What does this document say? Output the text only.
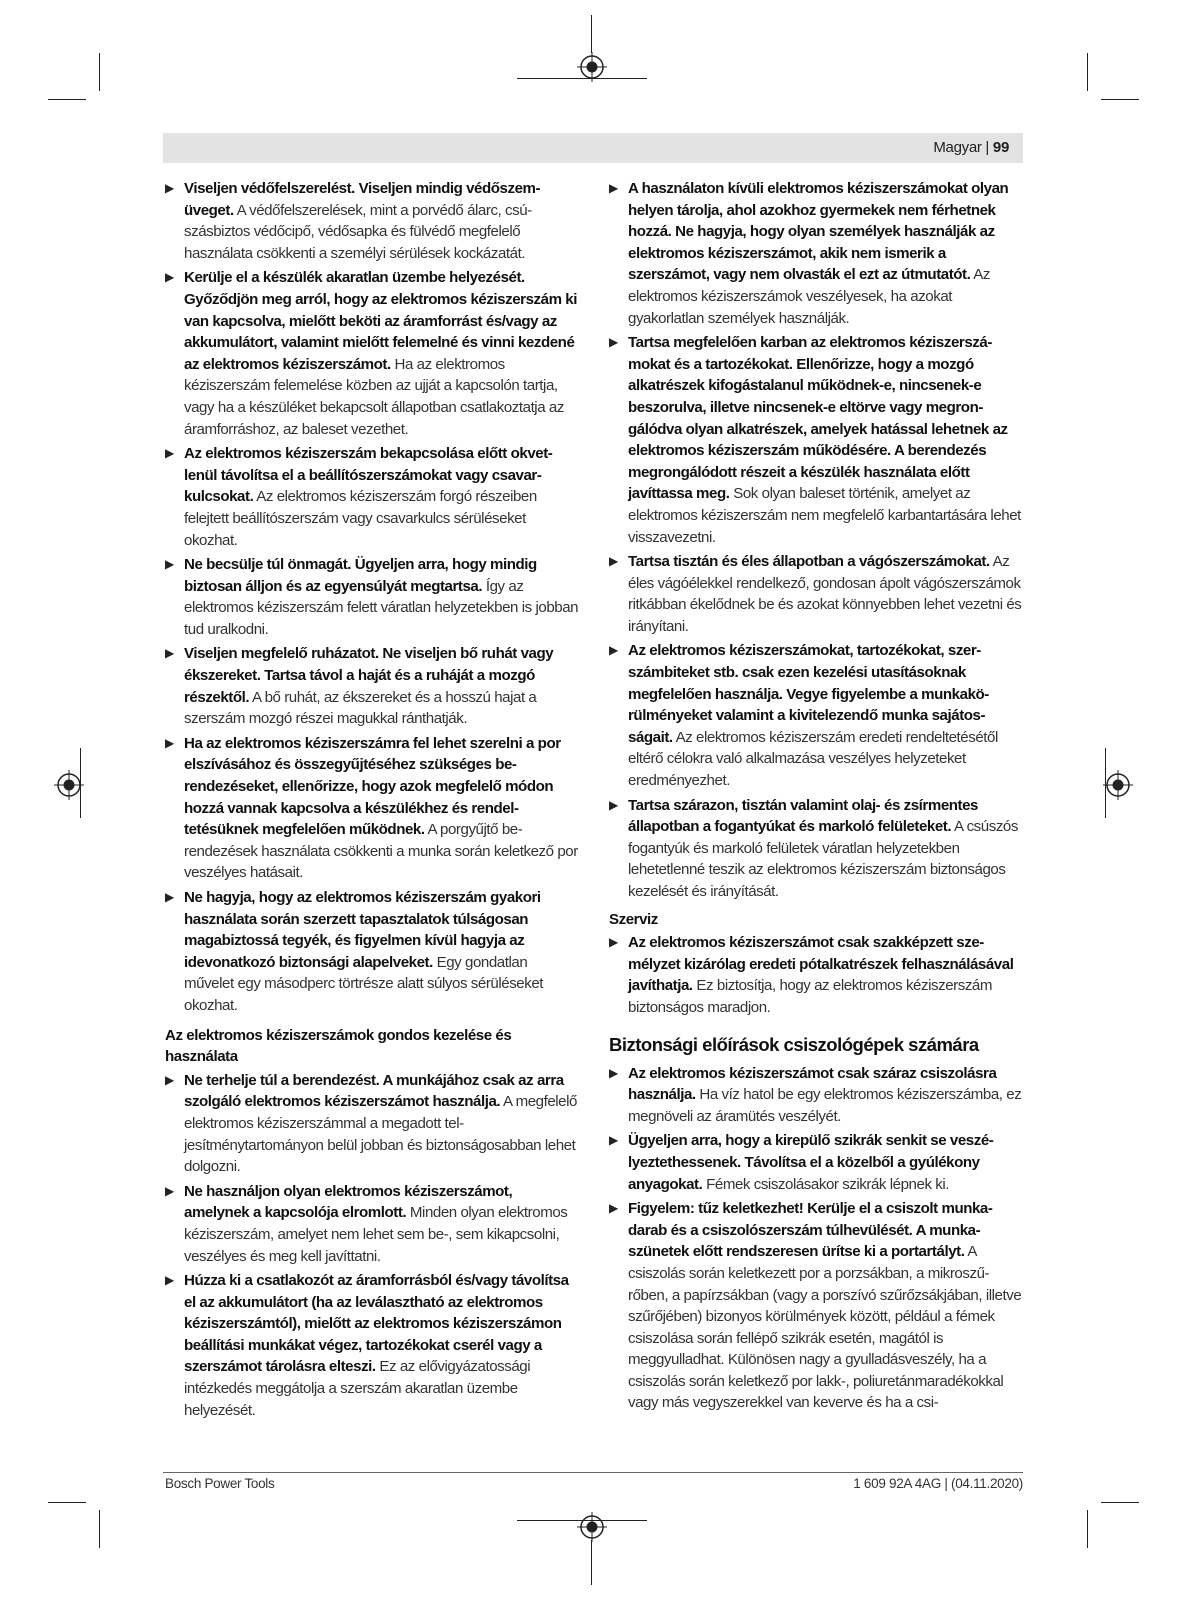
Magyar | 99
▶ Viseljen védőfelszerelést. Viseljen mindig védőszemüveget. A védőfelszerelések, mint a porvédő álarc, csúszásbiztos védőcipő, védősapka és fülvédő megfelelő használata csökkenti a személyi sérülések kockázatát.
▶ Kerülje el a készülék akaratlan üzembe helyezését. Győződjön meg arról, hogy az elektromos kéziszerszám ki van kapcsolva, mielőtt beköti az áramforrást és/vagy az akkumulátort, valamint mielőtt felemelné és vinni kezdené az elektromos kéziszerszámot. Ha az elektromos kéziszerszám felemelése közben az ujját a kapcsolón tartja, vagy ha a készüléket bekapcsolt állapotban csatlakoztatja az áramforráshoz, az baleset vezethet.
▶ Az elektromos kéziszerszám bekapcsolása előtt okvetlenül távolítsa el a beállítószerszámokat vagy csavarkulcsokat. Az elektromos kéziszerszám forgó részeiben felejtett beállítószerszám vagy csavarkulcs sérüléseket okozhat.
▶ Ne becsülje túl önmagát. Ügyeljen arra, hogy mindig biztosan álljon és az egyensúlyát megtartsa. Így az elektromos kéziszerszám felett váratlan helyzetekben is jobban tud uralkodni.
▶ Viseljen megfelelő ruházatot. Ne viseljen bő ruhát vagy ékszereket. Tartsa távol a haját és a ruháját a mozgó részektől. A bő ruhát, az ékszereket és a hosszú hajat a szerszám mozgó részei magukkal ránthatják.
▶ Ha az elektromos kéziszerszámra fel lehet szerelni a por elszívásához és összegyűjtéséhez szükséges berendezéseket, ellenőrizze, hogy azok megfelelő módon hozzá vannak kapcsolva a készülékhez és rendeltetésüknek megfelelően működnek. A porgyűjtő berendezések használata csökkenti a munka során keletkező por veszélyes hatásait.
▶ Ne hagyja, hogy az elektromos kéziszerszám gyakori használata során szerzett tapasztalatok túlságosan magabiztossá tegyék, és figyelmen kívül hagyja az idevonatkozó biztonsági alapelveket. Egy gondatlan művelet egy másodperc törtrésze alatt súlyos sérüléseket okozhat.
Az elektromos kéziszerszámok gondos kezelése és használata
▶ Ne terhelje túl a berendezést. A munkájához csak az arra szolgáló elektromos kéziszerszámot használja. A megfelelő elektromos kéziszerszámmal a megadott teljesítménytartományon belül jobban és biztonságosabban lehet dolgozni.
▶ Ne használjon olyan elektromos kéziszerszámot, amelynek a kapcsolója elromlott. Minden olyan elektromos kéziszerszám, amelyet nem lehet sem be-, sem kikapcsolni, veszélyes és meg kell javíttatni.
▶ Húzza ki a csatlakozót az áramforrásból és/vagy távolítsa el az akkumulátort (ha az leválasztható az elektromos kéziszerszámtól), mielőtt az elektromos kéziszerszámon beállítási munkákat végez, tartozékokat cserél vagy a szerszámot tárolásra elteszi. Ez az elővigyázatossági intézkedés meggátolja a szerszám akaratlan üzembe helyezését.
▶ A használaton kívüli elektromos kéziszerszámokat olyan helyen tárolja, ahol azokhoz gyermekek nem férhetnek hozzá. Ne hagyja, hogy olyan személyek használják az elektromos kéziszerszámot, akik nem ismerik a szerszámot, vagy nem olvasták el ezt az útmutatót. Az elektromos kéziszerszámok veszélyesek, ha azokat gyakorlatlan személyek használják.
▶ Tartsa megfelelően karban az elektromos kéziszerszámokat és a tartozékokat. Ellenőrizze, hogy a mozgó alkatrészek kifogástalanul működnek-e, nincsenek-e beszorulva, illetve nincsenek-e eltörve vagy megrongálódva olyan alkatrészek, amelyek hatással lehetnek az elektromos kéziszerszám működésére. A berendezés megrongálódott részeit a készülék használata előtt javíttassa meg. Sok olyan baleset történik, amelyet az elektromos kéziszerszám nem megfelelő karbantartására lehet visszavezetni.
▶ Tartsa tisztán és éles állapotban a vágószerszámokat. Az éles vágóélekkel rendelkező, gondosan ápolt vágószerszámok ritkábban ékelődnek be és azokat könnyebben lehet vezetni és irányítani.
▶ Az elektromos kéziszerszámokat, tartozékokat, szerszámbiteket stb. csak ezen kezelési utasításoknak megfelelően használja. Vegye figyelembe a munkakörülményeket valamint a kivitelezendő munka sajátosságait. Az elektromos kéziszerszám eredeti rendeltetésétől eltérő célokra való alkalmazása veszélyes helyzeteket eredményezhet.
▶ Tartsa szárazon, tisztán valamint olaj- és zsírmentes állapotban a fogantyúkat és markoló felületeket. A csúszós fogantyúk és markoló felületek váratlan helyzetekben lehetetlenné teszik az elektromos kéziszerszám biztonságos kezelését és irányítását.
Szerviz
▶ Az elektromos kéziszerszámot csak szakképzett személyzet kizárólag eredeti pótalkatrészek felhasználásával javíthatja. Ez biztosítja, hogy az elektromos kéziszerszám biztonságos maradjon.
Biztonsági előírások csiszológépek számára
▶ Az elektromos kéziszerszámot csak száraz csiszolásra használja. Ha víz hatol be egy elektromos kéziszerszámba, ez megnöveli az áramütés veszélyét.
▶ Ügyeljen arra, hogy a kirepülő szikrák senkit se veszélyeztethessenek. Távolítsa el a közelből a gyúlékony anyagokat. Fémek csiszolásakor szikrák lépnek ki.
▶ Figyelem: tűz keletkezhet! Kerülje el a csiszolt munkadarab és a csiszolószerszám túlhevülését. A munkaszünetek előtt rendszeresen ürítse ki a portartályt. A csiszolás során keletkezett por a porzsákban, a mikroszűrőben, a papírzsákban (vagy a porszívó szűrőzsákjában, illetve szűrőjében) bizonyos körülmények között, például a fémek csiszolása során fellépő szikrák esetén, magától is meggyulladhat. Különösen nagy a gyulladásveszély, ha a csiszolás során keletkező por lakk-, poliuretánmaradékokkal vagy más vegyszerekkel van keverve és ha a csi-
Bosch Power Tools	1 609 92A 4AG | (04.11.2020)
